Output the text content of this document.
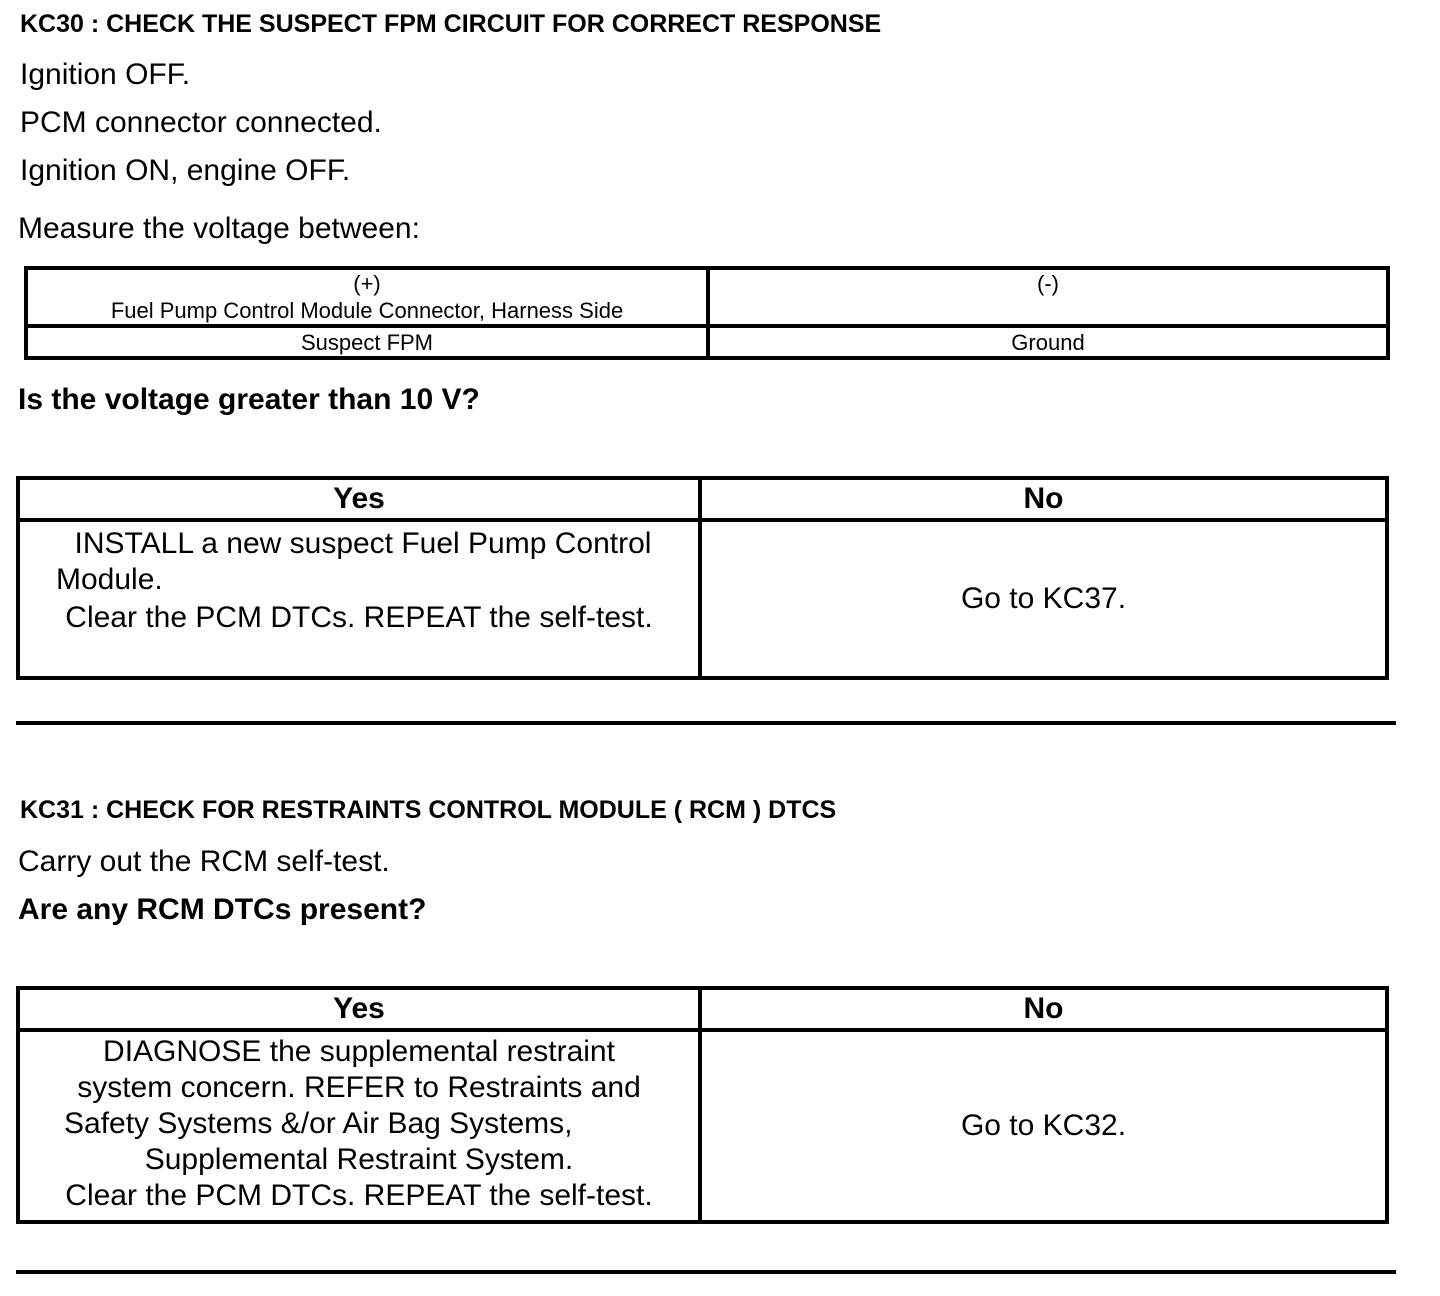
KC30 : CHECK THE SUSPECT FPM CIRCUIT FOR CORRECT RESPONSE
Ignition OFF.
PCM connector connected.
Ignition ON, engine OFF.
Measure the voltage between:
(+)
Fuel Pump Control Module Connector, Harness Side	(-)
Suspect FPM	Ground
Is the voltage greater than 10 V?
Yes	No

INSTALL a new suspect Fuel Pump Control
Module.
Clear the PCM DTCs. REPEAT the self-test.	Go to KC37.
KC31 : CHECK FOR RESTRAINTS CONTROL MODULE ( RCM ) DTCS
Carry out the RCM self-test.
Are any RCM DTCs present?
Yes	No

DIAGNOSE the supplemental restraint
system concern. REFER to Restraints and
Safety Systems &/or Air Bag Systems,
Supplemental Restraint System.
Clear the PCM DTCs. REPEAT the self-test.	Go to KC32.
